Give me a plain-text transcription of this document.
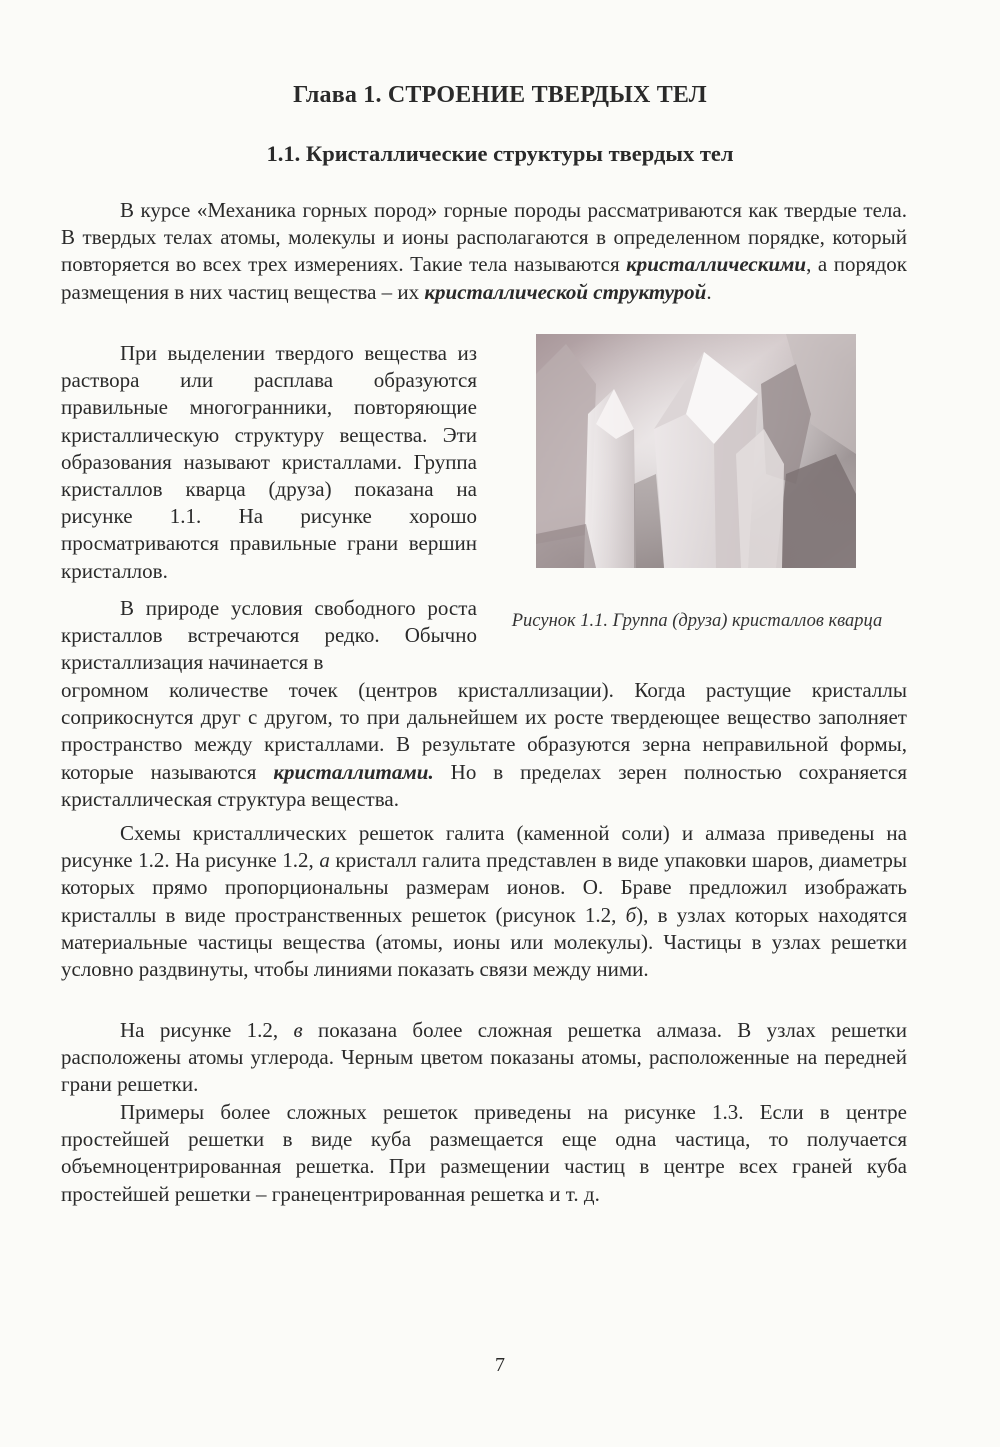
Глава 1. СТРОЕНИЕ ТВЕРДЫХ ТЕЛ
1.1. Кристаллические структуры твердых тел

В курсе «Механика горных пород» горные породы рассматриваются как твердые тела. В твердых телах атомы, молекулы и ионы располагаются в определенном порядке, который повторяется во всех трех измерениях. Такие тела называются кристаллическими, а порядок размещения в них частиц вещества – их кристаллической структурой.

При выделении твердого вещества из раствора или расплава образуются правильные многогранники, повторяющие кристаллическую структуру вещества. Эти образования называют кристаллами. Группа кристаллов кварца (друза) показана на рисунке 1.1. На рисунке хорошо просматриваются правильные грани вершин кристаллов.

В природе условия свободного роста кристаллов встречаются редко. Обычно кристаллизация начинается в

огромном количестве точек (центров кристаллизации). Когда растущие кристаллы соприкоснутся друг с другом, то при дальнейшем их росте твердеющее вещество заполняет пространство между кристаллами. В результате образуются зерна неправильной формы, которые называются кристаллитами. Но в пределах зерен полностью сохраняется кристаллическая структура вещества.

Схемы кристаллических решеток галита (каменной соли) и алмаза приведены на рисунке 1.2. На рисунке 1.2, а кристалл галита представлен в виде упаковки шаров, диаметры которых прямо пропорциональны размерам ионов. О. Браве предложил изображать кристаллы в виде пространственных решеток (рисунок 1.2, б), в узлах которых находятся материальные частицы вещества (атомы, ионы или молекулы). Частицы в узлах решетки условно раздвинуты, чтобы линиями показать связи между ними.

На рисунке 1.2, в показана более сложная решетка алмаза. В узлах решетки расположены атомы углерода. Черным цветом показаны атомы, расположенные на передней грани решетки.

Примеры более сложных решеток приведены на рисунке 1.3. Если в центре простейшей решетки в виде куба размещается еще одна частица, то получается объемноцентрированная решетка. При размещении частиц в центре всех граней куба простейшей решетки – гранецентрированная решетка и т. д.

Рисунок 1.1. Группа (друза) кристаллов кварца

7
